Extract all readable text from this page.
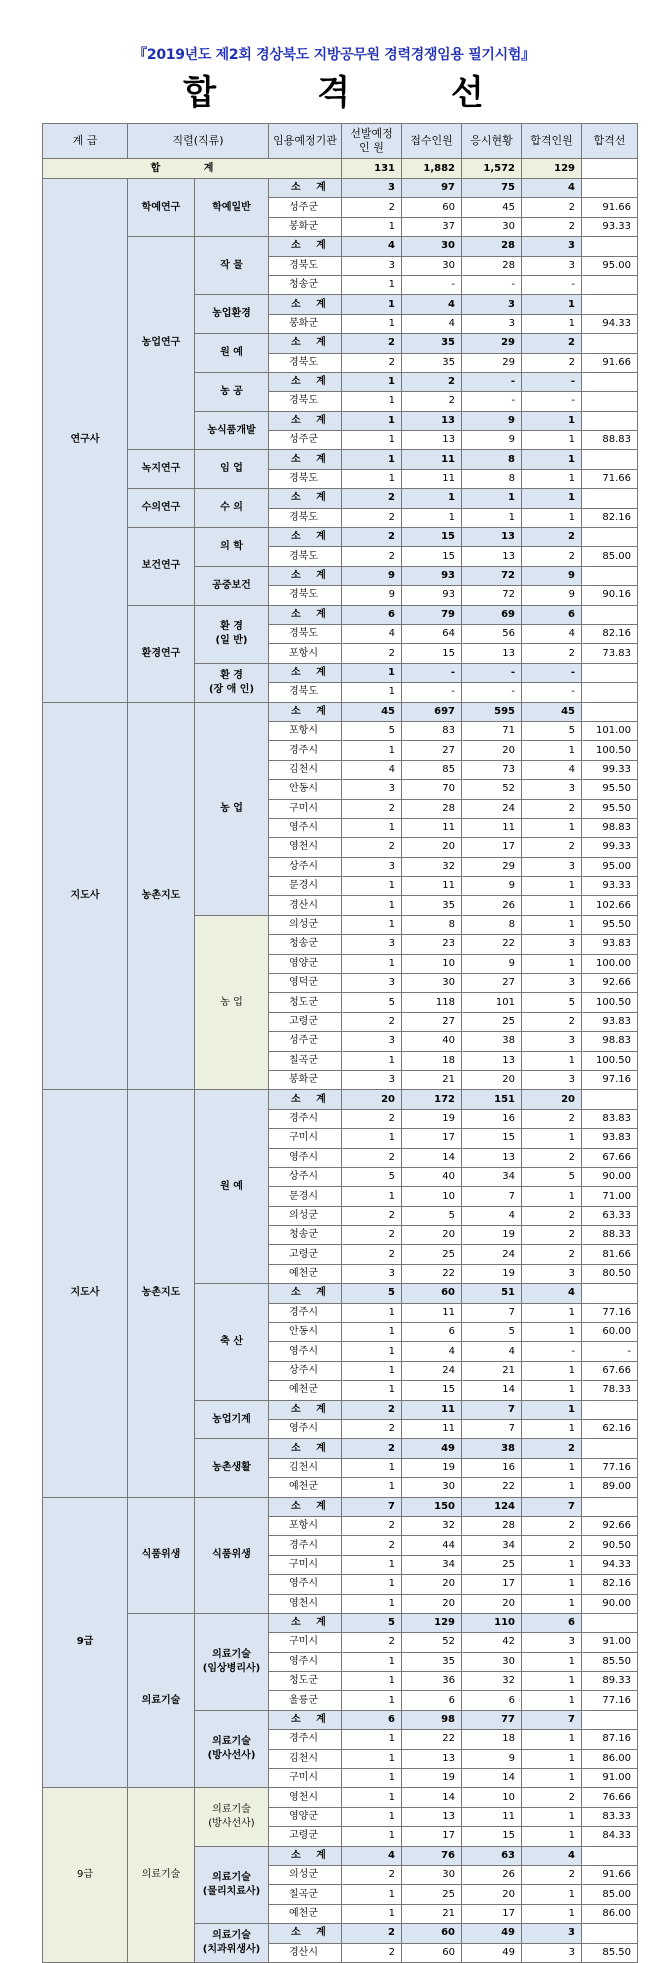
『2019년도 제2회 경상북도 지방공무원 경력경쟁임용 필기시험』
합	격	선
계 급	직렬(직류)		임용예정기관	선발예정
인 원	접수인원	응시현황	합격인원	합격선
합 계				131	1,882	1,572	129	
연구사	학예연구	학예일반	소 계	3	97	75	4	
			성주군	2	60	45	2	91.66
			봉화군	1	37	30	2	93.33
	농업연구	작 물	소 계	4	30	28	3	
			경북도	3	30	28	3	95.00
			청송군	1	-	-	-	
		농업환경	소 계	1	4	3	1	
			봉화군	1	4	3	1	94.33
		원 예	소 계	2	35	29	2	
			경북도	2	35	29	2	91.66
		농 공	소 계	1	2	-	-	
			경북도	1	2	-	-	
		농식품개발	소 계	1	13	9	1	
			성주군	1	13	9	1	88.83
	녹지연구	임 업	소 계	1	11	8	1	
			경북도	1	11	8	1	71.66
	수의연구	수 의	소 계	2	1	1	1	
			경북도	2	1	1	1	82.16
	보건연구	의 학	소 계	2	15	13	2	
			경북도	2	15	13	2	85.00
		공중보건	소 계	9	93	72	9	
			경북도	9	93	72	9	90.16
	환경연구	환 경
(일 반)	소 계	6	79	69	6	
			경북도	4	64	56	4	82.16
			포항시	2	15	13	2	73.83
		환 경
(장 애 인)	소 계	1	-	-	-	
			경북도	1	-	-	-	
지도사	농촌지도	농 업	소 계	45	697	595	45	
			포항시	5	83	71	5	101.00
			경주시	1	27	20	1	100.50
			김천시	4	85	73	4	99.33
			안동시	3	70	52	3	95.50
			구미시	2	28	24	2	95.50
			영주시	1	11	11	1	98.83
			영천시	2	20	17	2	99.33
			상주시	3	32	29	3	95.00
			문경시	1	11	9	1	93.33
			경산시	1	35	26	1	102.66
		농 업	의성군	1	8	8	1	95.50
			청송군	3	23	22	3	93.83
			영양군	1	10	9	1	100.00
			영덕군	3	30	27	3	92.66
			청도군	5	118	101	5	100.50
			고령군	2	27	25	2	93.83
			성주군	3	40	38	3	98.83
			칠곡군	1	18	13	1	100.50
			봉화군	3	21	20	3	97.16
지도사	농촌지도	원 예	소 계	20	172	151	20	
			경주시	2	19	16	2	83.83
			구미시	1	17	15	1	93.83
			영주시	2	14	13	2	67.66
			상주시	5	40	34	5	90.00
			문경시	1	10	7	1	71.00
			의성군	2	5	4	2	63.33
			청송군	2	20	19	2	88.33
			고령군	2	25	24	2	81.66
			예천군	3	22	19	3	80.50
		축 산	소 계	5	60	51	4	
			경주시	1	11	7	1	77.16
			안동시	1	6	5	1	60.00
			영주시	1	4	4	-	-
			상주시	1	24	21	1	67.66
			예천군	1	15	14	1	78.33
		농업기계	소 계	2	11	7	1	
			영주시	2	11	7	1	62.16
		농촌생활	소 계	2	49	38	2	
			김천시	1	19	16	1	77.16
			예천군	1	30	22	1	89.00
9급	식품위생	식품위생	소 계	7	150	124	7	
			포항시	2	32	28	2	92.66
			경주시	2	44	34	2	90.50
			구미시	1	34	25	1	94.33
			영주시	1	20	17	1	82.16
			영천시	1	20	20	1	90.00
	의료기술	의료기술
(임상병리사)	소 계	5	129	110	6	
			구미시	2	52	42	3	91.00
			영주시	1	35	30	1	85.50
			청도군	1	36	32	1	89.33
			울릉군	1	6	6	1	77.16
		의료기술
(방사선사)	소 계	6	98	77	7	
			경주시	1	22	18	1	87.16
			김천시	1	13	9	1	86.00
			구미시	1	19	14	1	91.00
9급	의료기술	의료기술
(방사선사)	영천시	1	14	10	2	76.66
			영양군	1	13	11	1	83.33
			고령군	1	17	15	1	84.33
		의료기술
(물리치료사)	소 계	4	76	63	4	
			의성군	2	30	26	2	91.66
			칠곡군	1	25	20	1	85.00
			예천군	1	21	17	1	86.00
		의료기술
(치과위생사)	소 계	2	60	49	3	
			경산시	2	60	49	3	85.50
